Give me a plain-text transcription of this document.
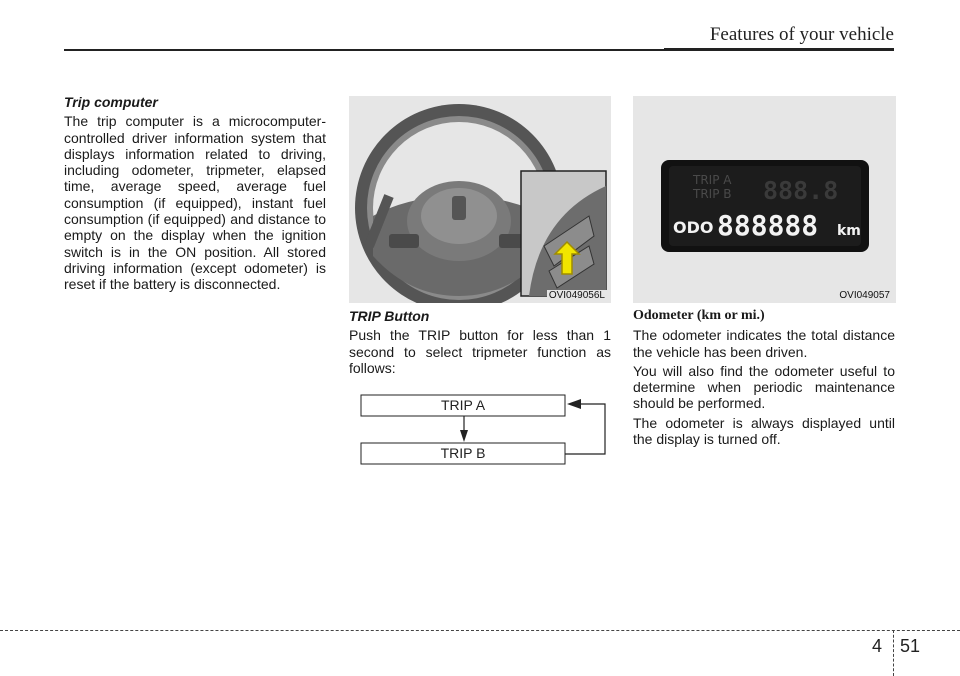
Features of your vehicle
Trip computer

The trip computer is a microcomputer-controlled driver information system that displays information related to driving, including odometer, tripmeter, elapsed time, average speed, average fuel consumption (if equipped), instant fuel consumption (if equipped) and distance to empty on the display when the ignition switch is in the ON position. All stored driving information (except odometer) is reset if the battery is disconnected.

OVI049056L
TRIP A
TRIP B 888.8
ODO 888888 km
OVI049057
TRIP Button

Push the TRIP button for less than 1 second to select tripmeter function as follows:

TRIP A
TRIP B
Odometer (km or mi.)

The odometer indicates the total distance the vehicle has been driven.

You will also find the odometer useful to determine when periodic maintenance should be performed.

The odometer is always displayed until the display is turned off.

4 51
